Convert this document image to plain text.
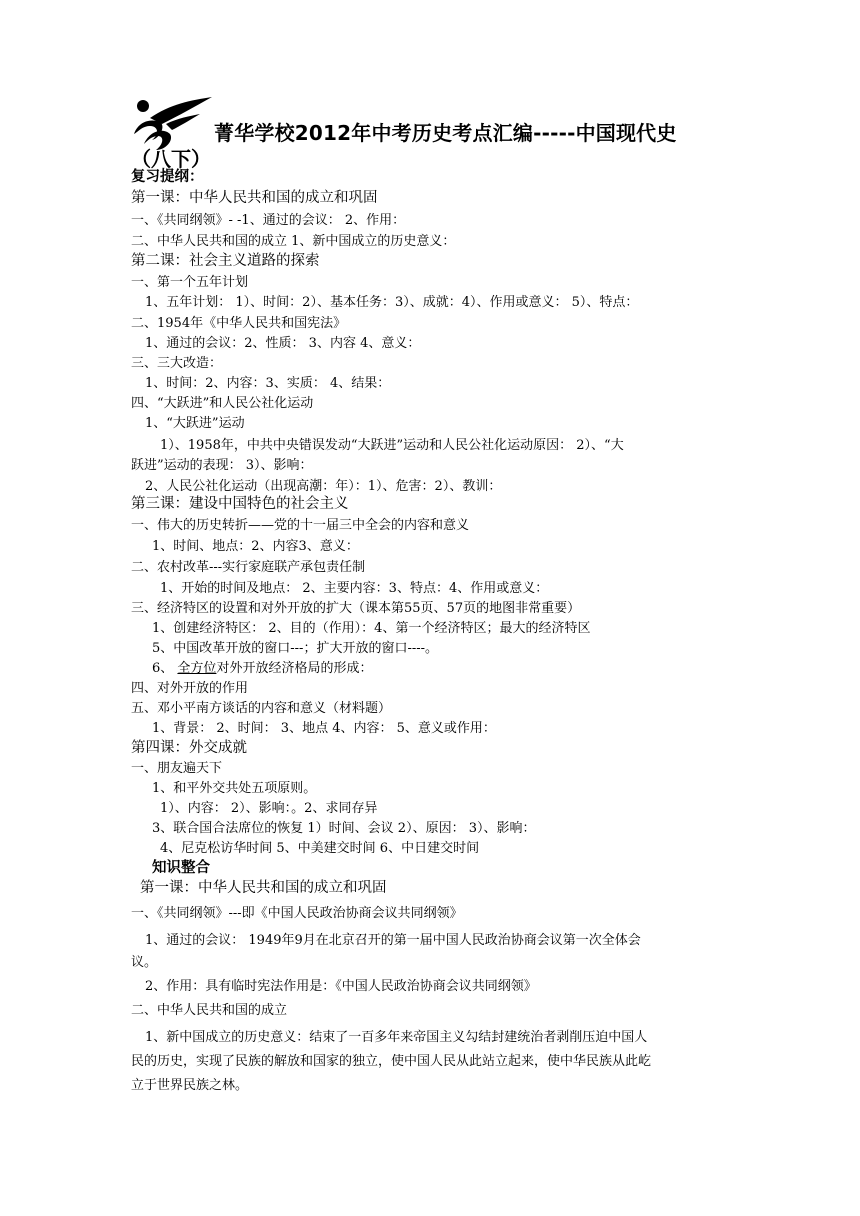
菁华学校2012年中考历史考点汇编-----中国现代史
（八下）
复习提纲：
第一课：中华人民共和国的成立和巩固
一、《共同纲领》- -1、通过的会议： 2、作用：
二、中华人民共和国的成立 1、新中国成立的历史意义：
第二课：社会主义道路的探索
一、第一个五年计划
1、五年计划： 1）、时间：2）、基本任务：3）、成就：4）、作用或意义： 5）、特点：
二、1954年《中华人民共和国宪法》
1、通过的会议：2、性质： 3、内容 4、意义：
三、三大改造：
1、时间：2、内容：3、实质： 4、结果：
四、“大跃进”和人民公社化运动
1、“大跃进”运动
1）、1958年，中共中央错误发动“大跃进”运动和人民公社化运动原因： 2）、“大
跃进”运动的表现： 3）、影响：
2、人民公社化运动（出现高潮：年）：1）、危害：2）、教训：
第三课：建设中国特色的社会主义
一、伟大的历史转折——党的十一届三中全会的内容和意义
1、时间、地点：2、内容3、意义：
二、农村改革---实行家庭联产承包责任制
1、开始的时间及地点： 2、主要内容：3、特点：4、作用或意义：
三、经济特区的设置和对外开放的扩大（课本第55页、57页的地图非常重要）
1、创建经济特区： 2、目的（作用）：4、第一个经济特区；最大的经济特区
5、中国改革开放的窗口---；扩大开放的窗口----。
6、 全方位对外开放经济格局的形成：
四、对外开放的作用
五、邓小平南方谈话的内容和意义（材料题）
1、背景： 2、时间： 3、地点 4、内容： 5、意义或作用：
第四课：外交成就
一、朋友遍天下
1、和平外交共处五项原则。
1）、内容： 2）、影响：。2、求同存异
3、联合国合法席位的恢复 1）时间、会议 2）、原因： 3）、影响：
4、尼克松访华时间 5、中美建交时间 6、中日建交时间
知识整合
第一课：中华人民共和国的成立和巩固
一、《共同纲领》---即《中国人民政治协商会议共同纲领》
1、通过的会议： 1949年9月在北京召开的第一届中国人民政治协商会议第一次全体会
议。
2、作用：具有临时宪法作用是：《中国人民政治协商会议共同纲领》
二、中华人民共和国的成立
1、新中国成立的历史意义：结束了一百多年来帝国主义勾结封建统治者剥削压迫中国人
民的历史，实现了民族的解放和国家的独立，使中国人民从此站立起来，使中华民族从此屹
立于世界民族之林。
